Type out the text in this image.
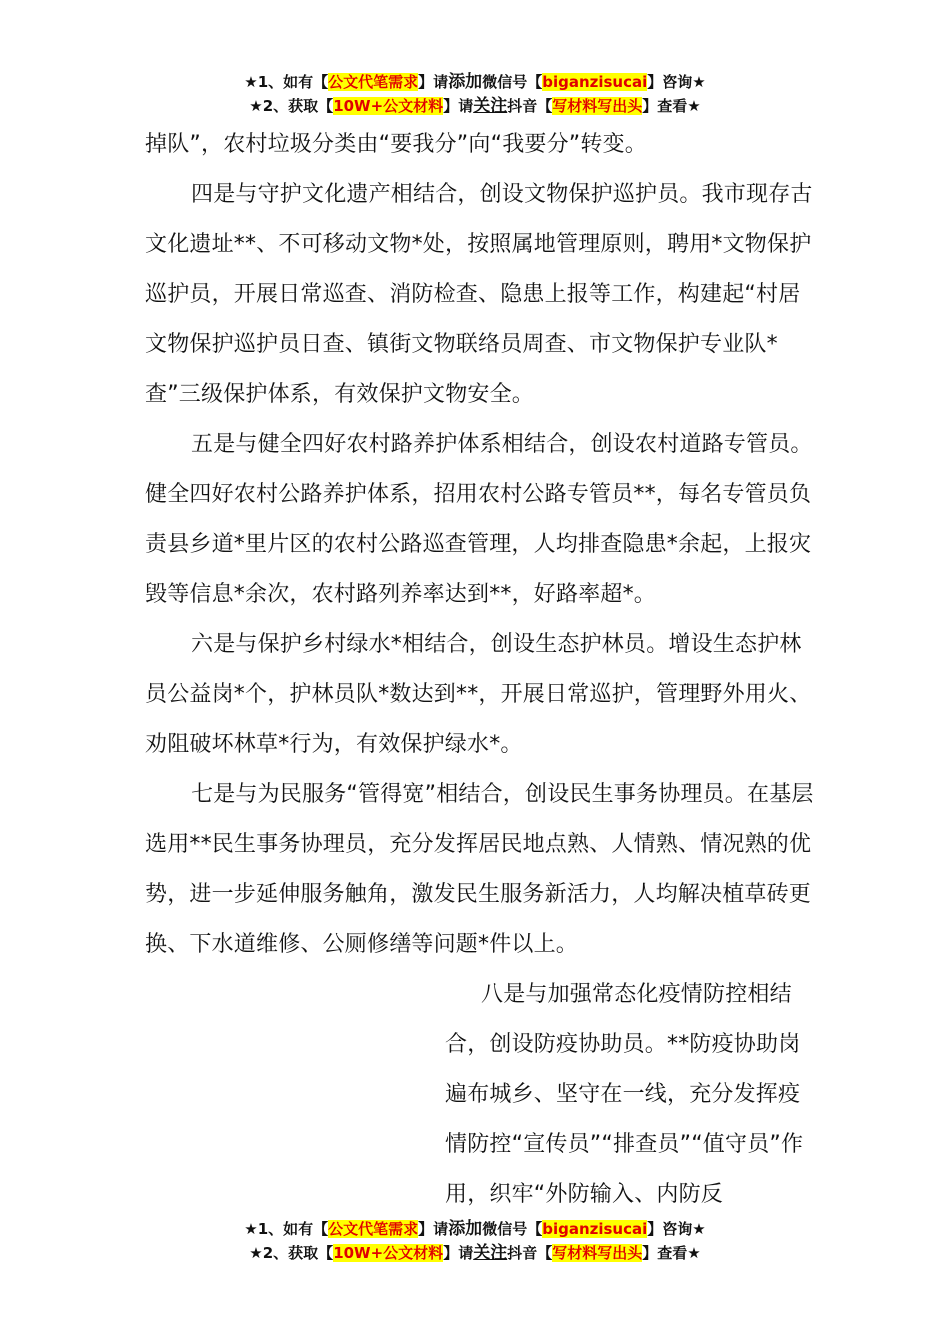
★1、如有【公文代笔需求】请添加微信号【biganzisucai】咨询★
★2、获取【10W+公文材料】请关注抖音【写材料写出头】查看★

掉队”，农村垃圾分类由“要我分”向“我要分”转变。

四是与守护文化遗产相结合，创设文物保护巡护员。我市现存古文化遗址**、不可移动文物*处，按照属地管理原则，聘用*文物保护巡护员，开展日常巡查、消防检查、隐患上报等工作，构建起“村居文物保护巡护员日查、镇街文物联络员周查、市文物保护专业队*查”三级保护体系，有效保护文物安全。

五是与健全四好农村路养护体系相结合，创设农村道路专管员。健全四好农村公路养护体系，招用农村公路专管员**，每名专管员负责县乡道*里片区的农村公路巡查管理，人均排查隐患*余起，上报灾毁等信息*余次，农村路列养率达到**，好路率超*。

六是与保护乡村绿水*相结合，创设生态护林员。增设生态护林员公益岗*个，护林员队*数达到**，开展日常巡护，管理野外用火、劝阻破坏林草*行为，有效保护绿水*。

七是与为民服务“管得宽”相结合，创设民生事务协理员。在基层选用**民生事务协理员，充分发挥居民地点熟、人情熟、情况熟的优势，进一步延伸服务触角，激发民生服务新活力，人均解决植草砖更换、下水道维修、公厕修缮等问题*件以上。

八是与加强常态化疫情防控相结合，创设防疫协助员。**防疫协助岗遍布城乡、坚守在一线，充分发挥疫情防控“宣传员”“排查员”“值守员”作用，织牢“外防输入、内防反

★1、如有【公文代笔需求】请添加微信号【biganzisucai】咨询★
★2、获取【10W+公文材料】请关注抖音【写材料写出头】查看★
